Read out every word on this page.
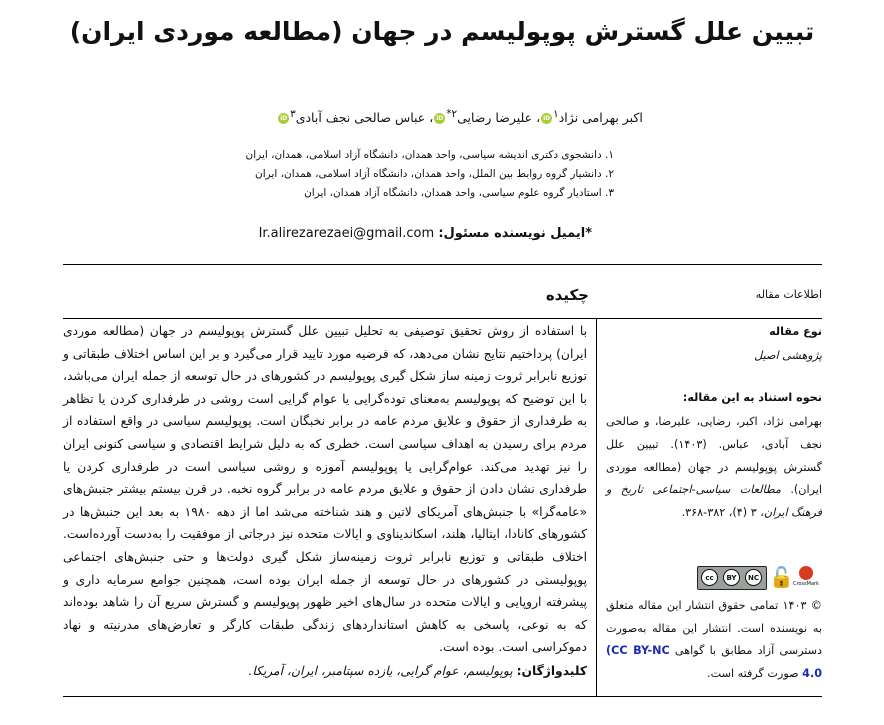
تبیین علل گسترش پوپولیسم در جهان (مطالعه موردی ایران)
اکبر بهرامی نژاد$^۱$iD، علیرضا رضایی$^{۲*}$iD، عباس صالحی نجف آبادی$^۳$iD
۱. دانشجوی دکتری اندیشه سیاسی، واحد همدان، دانشگاه آزاد اسلامی، همدان، ایران
۲. دانشیار گروه روابط بین الملل، واحد همدان، دانشگاه آزاد اسلامی، همدان، ایران
۳. استادیار گروه علوم سیاسی، واحد همدان، دانشگاه آزاد همدان، ایران
*ایمیل نویسنده مسئول: Ir.alirezarezaei@gmail.com
اطلاعات مقاله
چکیده
با استفاده از روش تحقیق توصیفی به تحلیل تبیین علل گسترش پوپولیسم در جهان (مطالعه موردی ایران) پرداختیم نتایج نشان می‌دهد، که فرضیه مورد تایید قرار می‌گیرد و بر این اساس اختلاف طبقاتی و توزیع نابرابر ثروت زمینه ساز شکل گیری پوپولیسم در کشورهای در حال توسعه از جمله ایران می‌باشد، با این توضیح که پوپولیسم به‌معنای توده‌گرایی یا عوام گرایی است روشی در طرفداری کردن یا تظاهر به طرفداری از حقوق و علایق مردم عامه در برابر نخبگان است. پوپولیسم سیاسی در واقع استفاده از مردم برای رسیدن به اهداف سیاسی است. خطری که به دلیل شرایط اقتصادی و سیاسی کنونی ایران را نیز تهدید می‌کند. عوام‌گرایی یا پوپولیسم آموزه و روشی سیاسی است در طرفداری کردن یا طرفداری نشان دادن از حقوق و علایق مردم عامه در برابر گروه نخبه. در قرن بیستم بیشتر جنبش‌های «عامه‌گرا» با جنبش‌های آمریکای لاتین و هند شناخته می‌شد اما از دهه ۱۹۸۰ به بعد این جنبش‌ها در کشورهای کانادا، ایتالیا، هلند، اسکاندیناوی و ایالات متحده نیز درجاتی از موفقیت را به‌دست آورده‌است. اختلاف طبقاتی و توزیع نابرابر ثروت زمینه‌ساز شکل گیری دولت‌ها و حتی جنبش‌های اجتماعی پوپولیستی در کشورهای در حال توسعه از جمله ایران بوده است، همچنین جوامع سرمایه داری و پیشرفته اروپایی و ایالات متحده در سال‌های اخیر ظهور پوپولیسم و گسترش سریع آن را شاهد بوده‌اند که به نوعی، پاسخی به کاهش استانداردهای زندگی طبقات کارگر و تعارض‌های مدرنیته و نهاد دموکراسی است. بوده است.
کلیدواژگان: پوپولیسم، عوام گرایی، یازده سپتامبر، ایران، آمریکا.
نوع مقاله
پژوهشی اصیل
نحوه استناد به این مقاله:
بهرامی نژاد، اکبر، رضایی، علیرضا، و صالحی نجف آبادی، عباس. (۱۴۰۳). تبیین علل گسترش پوپولیسم در جهان (مطالعه موردی ایران). مطالعات سیاسی-اجتماعی تاریخ و فرهنگ ایران، ۳ (۴)، ۳۸۲-۳۶۸.
cc	BY	NC 🔓 CrossMark
© ۱۴۰۳ تمامی حقوق انتشار این مقاله متعلق به نویسنده است. انتشار این مقاله به‌صورت دسترسی آزاد مطابق با گواهی (CC BY-NC 4.0 صورت گرفته است.
